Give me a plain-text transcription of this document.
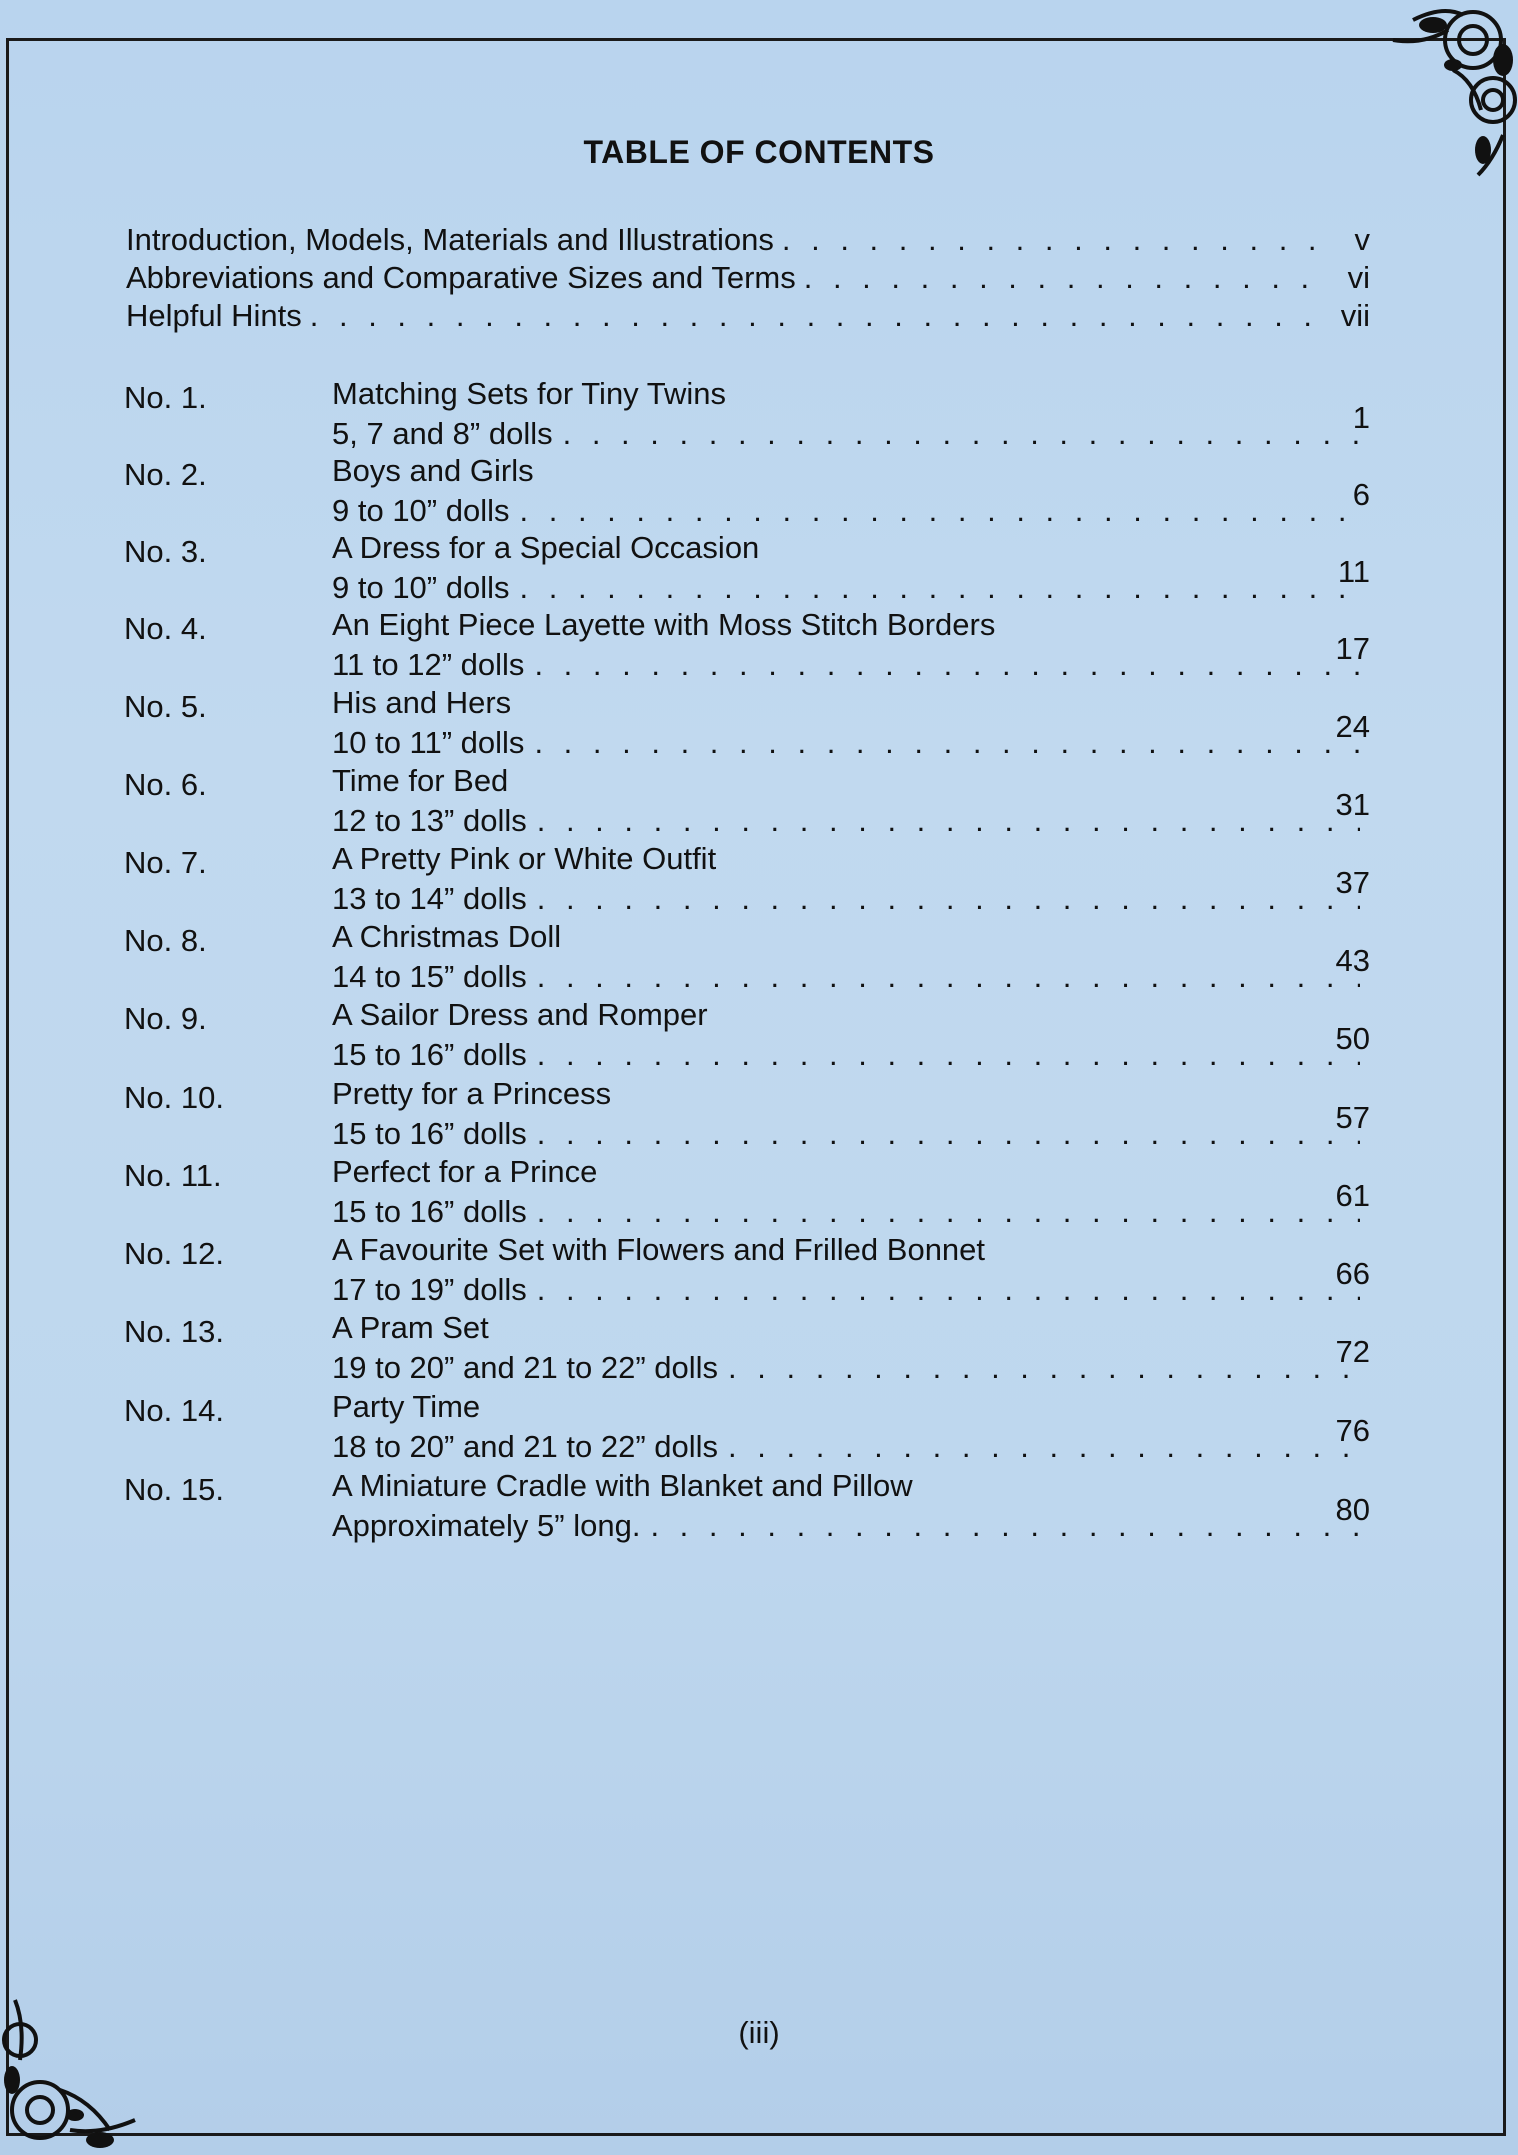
TABLE OF CONTENTS
Introduction, Models, Materials and Illustrations . . .	v
Abbreviations and Comparative Sizes and Terms . . .	vi
Helpful Hints . . .	vii
No. 1.	Matching Sets for Tiny Twins
5, 7 and 8” dolls . . .	1
No. 2.	Boys and Girls
9 to 10” dolls . . .	6
No. 3.	A Dress for a Special Occasion
9 to 10” dolls . . .	11
No. 4.	An Eight Piece Layette with Moss Stitch Borders
11 to 12” dolls . . .	17
No. 5.	His and Hers
10 to 11” dolls . . .	24
No. 6.	Time for Bed
12 to 13” dolls . . .	31
No. 7.	A Pretty Pink or White Outfit
13 to 14” dolls . . .	37
No. 8.	A Christmas Doll
14 to 15” dolls . . .	43
No. 9.	A Sailor Dress and Romper
15 to 16” dolls . . .	50
No. 10.	Pretty for a Princess
15 to 16” dolls . . .	57
No. 11.	Perfect for a Prince
15 to 16” dolls . . .	61
No. 12.	A Favourite Set with Flowers and Frilled Bonnet
17 to 19” dolls . . .	66
No. 13.	A Pram Set
19 to 20” and 21 to 22” dolls . . .	72
No. 14.	Party Time
18 to 20” and 21 to 22” dolls . . .	76
No. 15.	A Miniature Cradle with Blanket and Pillow
Approximately 5” long. . . .	80
(iii)
